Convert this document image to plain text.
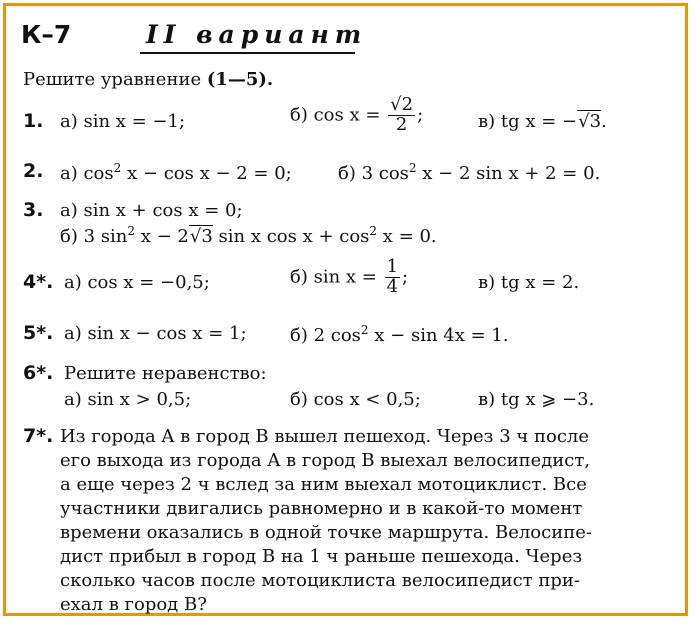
К–7	II вариант
Решите уравнение (1—5).
1. а) sin x = −1;	б) $\cos x = \frac{√2}{2}$ ;	в) tg x = −√3.
2. а) $\cos^2 x - \cos x - 2 = 0$;	б) 3 $\cos^2 x - 2$ sin x + 2 = 0.
3. а) sin x + cos x = 0;
б) 3 $\sin^2 x - 2√3$ sin x $\cos x + \cos^2 x = 0$.
4*. а) cos x = −0,5;	б) $\sin x = \frac{1}{4}$ ;	в) tg x = 2.
5*. а) sin x − cos x = 1; б) 2 $\cos^2 x - \sin 4x = 1$.
6*. Решите неравенство:
а) sin x > 0,5;	б) cos x < 0,5;	в) tg x ⩾ −3.
7*. Из города A в город B вышел пешеход. Через 3 ч после
его выхода из города A в город B выехал велосипедист,
а еще через 2 ч вслед за ним выехал мотоциклист. Все
участники двигались равномерно и в какой-то момент
времени оказались в одной точке маршрута. Велосипе-
дист прибыл в город B на 1 ч раньше пешехода. Через
сколько часов после мотоциклиста велосипедист при-
ехал в город B?
